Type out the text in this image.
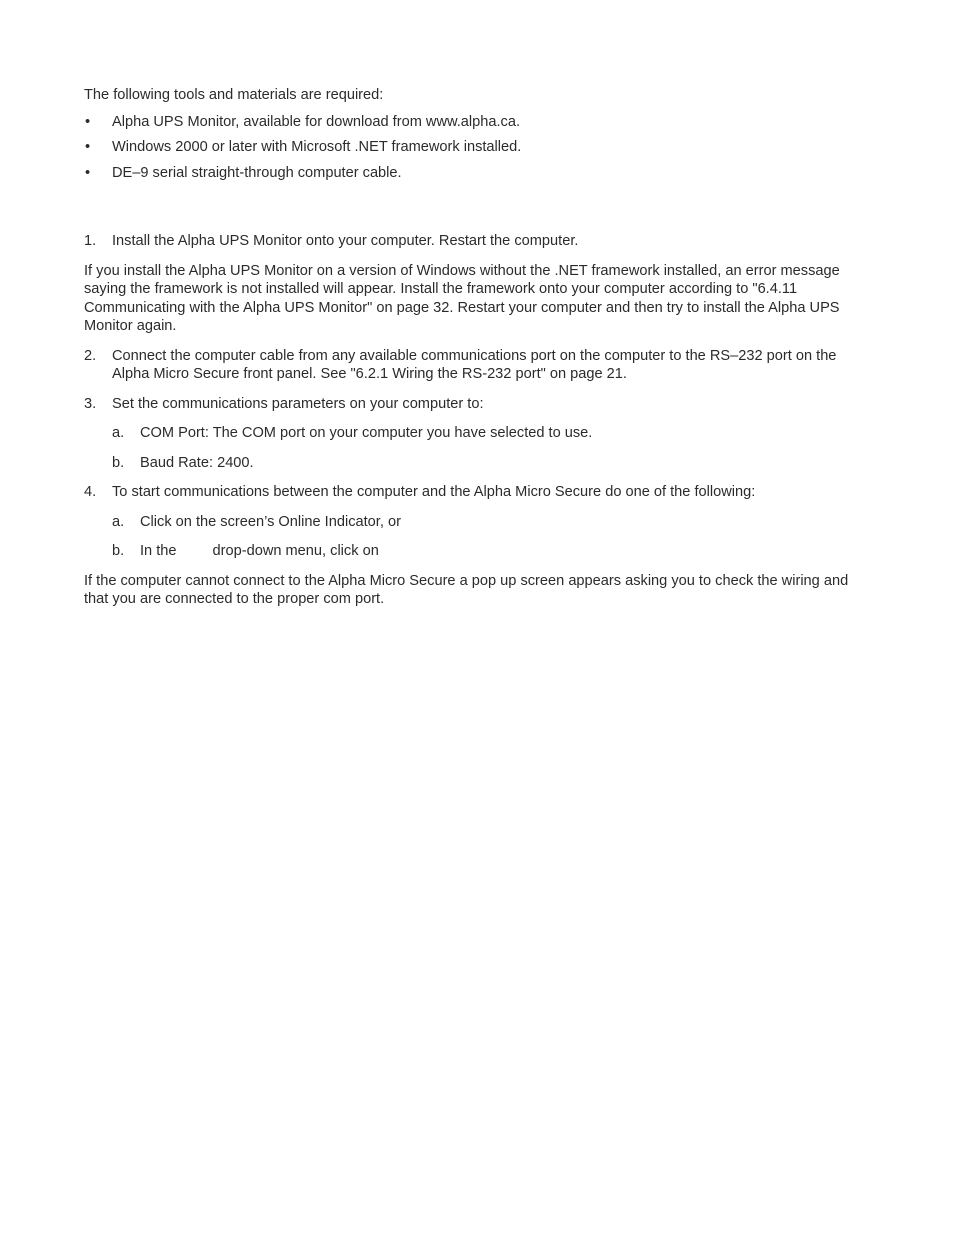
The following tools and materials are required:

• Alpha UPS Monitor, available for download from www.alpha.ca.
• Windows 2000 or later with Microsoft .NET framework installed.
• DE–9 serial straight-through computer cable.
1. Install the Alpha UPS Monitor onto your computer. Restart the computer.

If you install the Alpha UPS Monitor on a version of Windows without the .NET framework installed, an error message saying the framework is not installed will appear. Install the framework onto your computer according to "6.4.11 Communicating with the Alpha UPS Monitor" on page 32. Restart your computer and then try to install the Alpha UPS Monitor again.

2. Connect the computer cable from any available communications port on the computer to the RS–232 port on the Alpha Micro Secure front panel. See "6.2.1 Wiring the RS-232 port" on page 21.
3. Set the communications parameters on your computer to:
a. COM Port: The COM port on your computer you have selected to use.
b. Baud Rate: 2400.
4. To start communications between the computer and the Alpha Micro Secure do one of the following:
a. Click on the screen’s Online Indicator, or
b. In the drop-down menu, click on

If the computer cannot connect to the Alpha Micro Secure a pop up screen appears asking you to check the wiring and that you are connected to the proper com port.
